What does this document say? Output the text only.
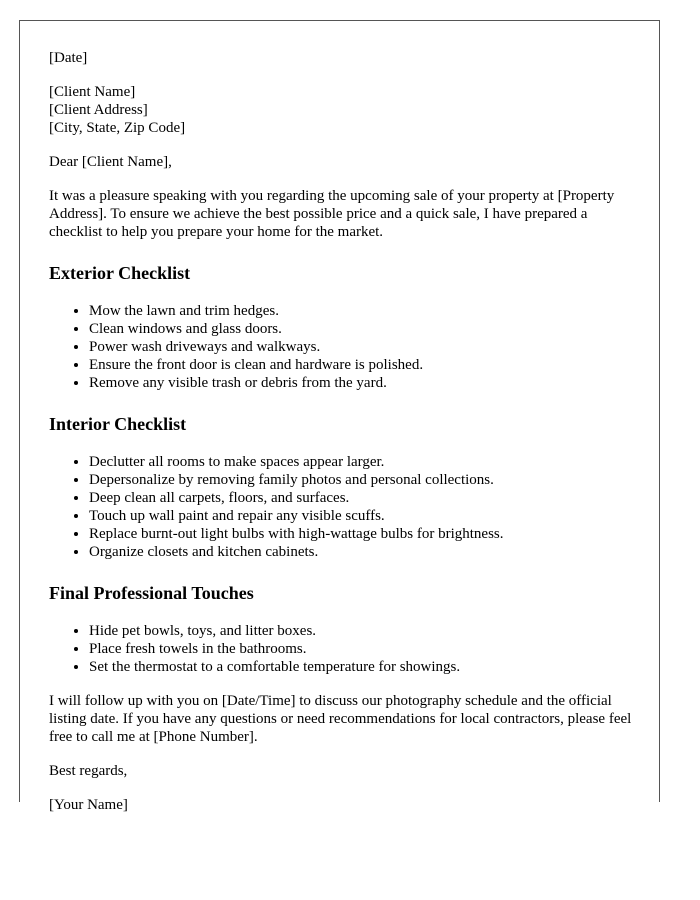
[Date]

[Client Name]

[Client Address]

[City, State, Zip Code]

Dear [Client Name],

It was a pleasure speaking with you regarding the upcoming sale of your property at [Property Address]. To ensure we achieve the best possible price and a quick sale, I have prepared a checklist to help you prepare your home for the market.

Exterior Checklist
• Mow the lawn and trim hedges.
• Clean windows and glass doors.
• Power wash driveways and walkways.
• Ensure the front door is clean and hardware is polished.
• Remove any visible trash or debris from the yard.
Interior Checklist
• Declutter all rooms to make spaces appear larger.
• Depersonalize by removing family photos and personal collections.
• Deep clean all carpets, floors, and surfaces.
• Touch up wall paint and repair any visible scuffs.
• Replace burnt-out light bulbs with high-wattage bulbs for brightness.
• Organize closets and kitchen cabinets.
Final Professional Touches
• Hide pet bowls, toys, and litter boxes.
• Place fresh towels in the bathrooms.
• Set the thermostat to a comfortable temperature for showings.

I will follow up with you on [Date/Time] to discuss our photography schedule and the official listing date. If you have any questions or need recommendations for local contractors, please feel free to call me at [Phone Number].

Best regards,

[Your Name]
